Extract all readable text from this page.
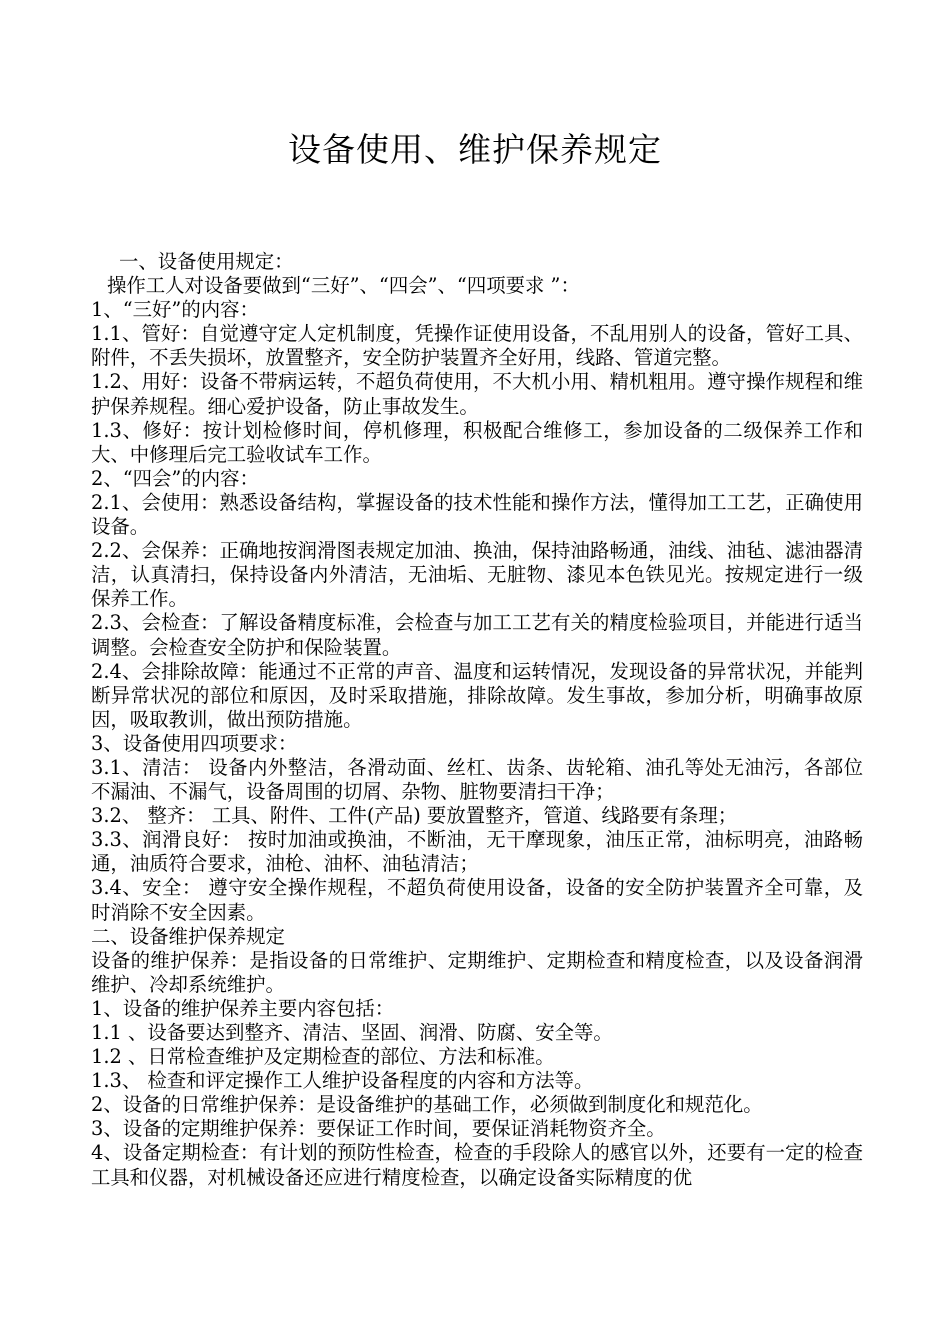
设备使用、维护保养规定

一、设备使用规定：

操作工人对设备要做到“三好”、“四会”、“四项要求 ”：

1、“三好”的内容：

1.1、管好：自觉遵守定人定机制度，凭操作证使用设备，不乱用别人的设备，管好工具、附件，不丢失损坏，放置整齐，安全防护装置齐全好用，线路、管道完整。

1.2、用好：设备不带病运转，不超负荷使用，不大机小用、精机粗用。遵守操作规程和维护保养规程。细心爱护设备，防止事故发生。

1.3、修好：按计划检修时间，停机修理，积极配合维修工，参加设备的二级保养工作和大、中修理后完工验收试车工作。

2、“四会”的内容：

2.1、会使用：熟悉设备结构，掌握设备的技术性能和操作方法，懂得加工工艺，正确使用设备。

2.2、会保养：正确地按润滑图表规定加油、换油，保持油路畅通，油线、油毡、滤油器清洁，认真清扫，保持设备内外清洁，无油垢、无脏物、漆见本色铁见光。按规定进行一级保养工作。

2.3、会检查：了解设备精度标准，会检查与加工工艺有关的精度检验项目，并能进行适当调整。会检查安全防护和保险装置。

2.4、会排除故障：能通过不正常的声音、温度和运转情况，发现设备的异常状况，并能判断异常状况的部位和原因，及时采取措施，排除故障。发生事故，参加分析，明确事故原因，吸取教训，做出预防措施。

3、设备使用四项要求：

3.1、清洁： 设备内外整洁，各滑动面、丝杠、齿条、齿轮箱、油孔等处无油污，各部位不漏油、不漏气，设备周围的切屑、杂物、脏物要清扫干净；

3.2、 整齐： 工具、附件、工件(产品) 要放置整齐，管道、线路要有条理；

3.3、润滑良好： 按时加油或换油，不断油，无干摩现象，油压正常，油标明亮，油路畅通，油质符合要求，油枪、油杯、油毡清洁；

3.4、安全： 遵守安全操作规程，不超负荷使用设备，设备的安全防护装置齐全可靠，及时消除不安全因素。

二、设备维护保养规定

设备的维护保养：是指设备的日常维护、定期维护、定期检查和精度检查，以及设备润滑维护、冷却系统维护。

1、设备的维护保养主要内容包括：

1.1 、设备要达到整齐、清洁、坚固、润滑、防腐、安全等。

1.2 、日常检查维护及定期检查的部位、方法和标准。

1.3、 检查和评定操作工人维护设备程度的内容和方法等。

2、设备的日常维护保养：是设备维护的基础工作，必须做到制度化和规范化。

3、设备的定期维护保养：要保证工作时间，要保证消耗物资齐全。

4、设备定期检查：有计划的预防性检查，检查的手段除人的感官以外，还要有一定的检查工具和仪器，对机械设备还应进行精度检查，以确定设备实际精度的优
